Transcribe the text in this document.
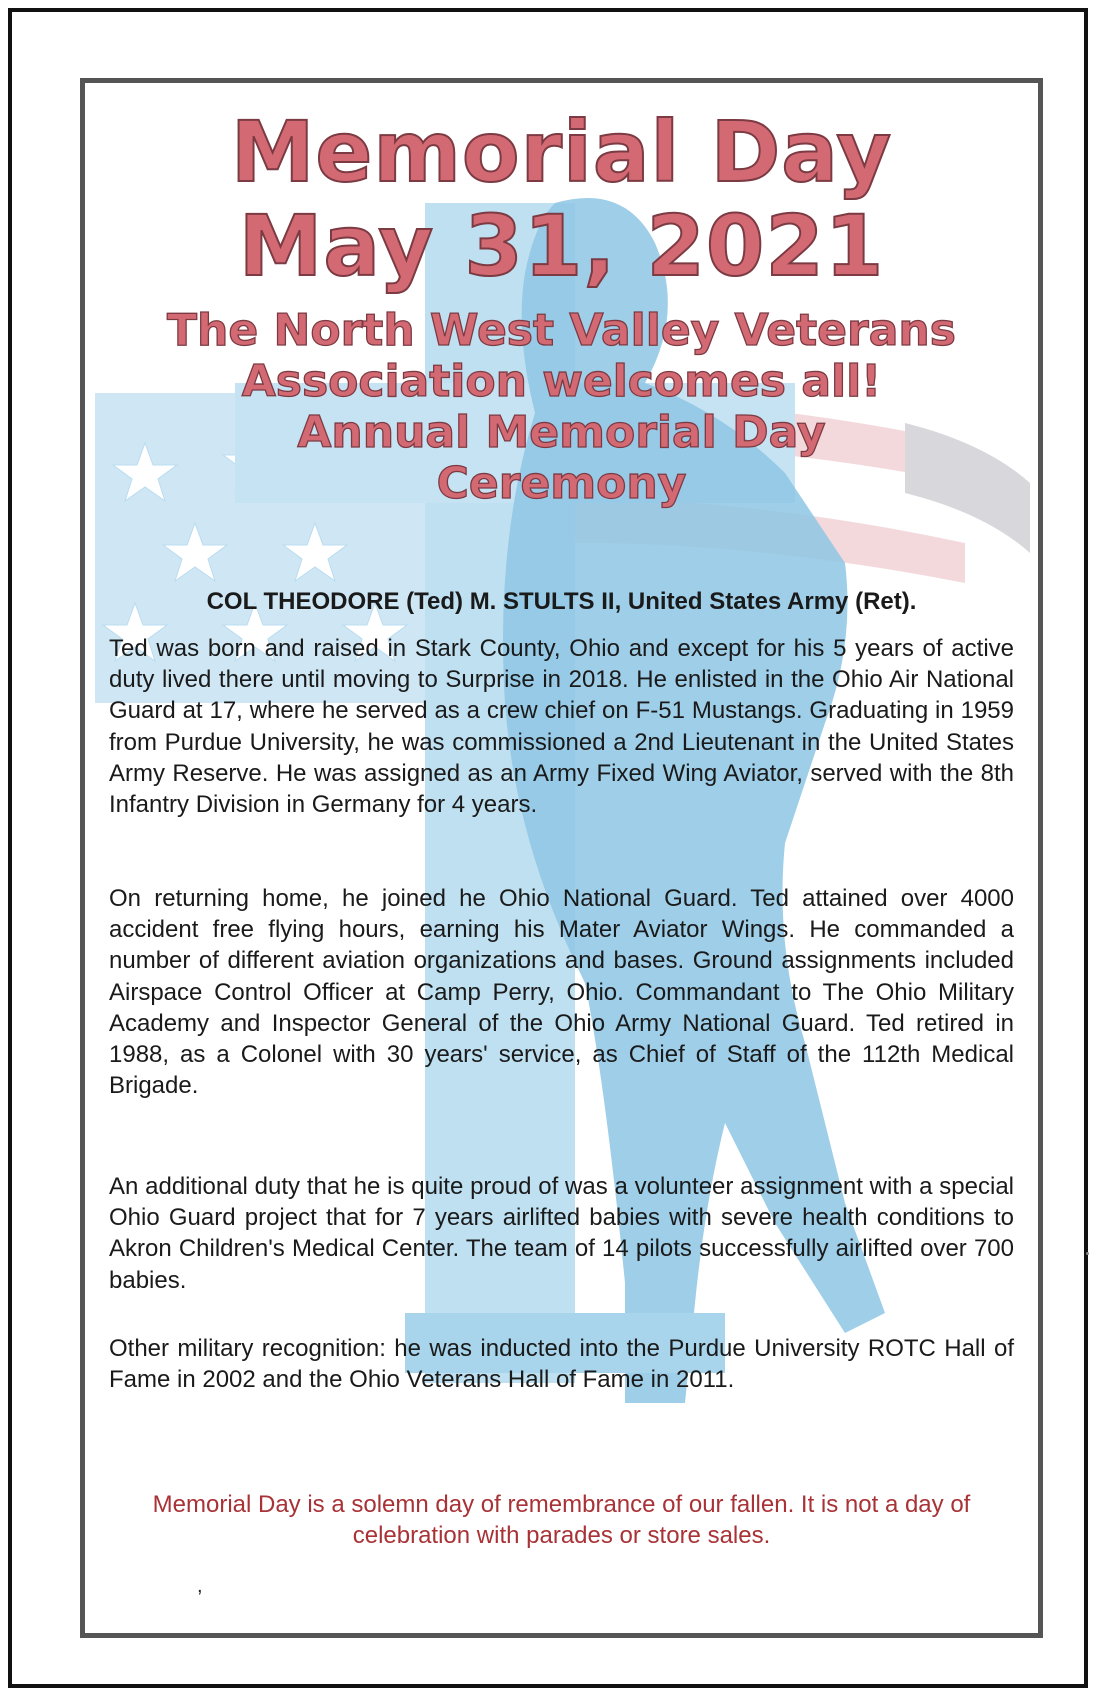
Memorial Day
May 31, 2021
The North West Valley Veterans
Association welcomes all!
Annual Memorial Day
Ceremony

COL THEODORE (Ted) M. STULTS II, United States Army (Ret).

Ted was born and raised in Stark County, Ohio and except for his 5 years of active duty lived there until moving to Surprise in 2018. He enlisted in the Ohio Air National Guard at 17, where he served as a crew chief on F-51 Mustangs. Graduating in 1959 from Purdue University, he was commissioned a 2nd Lieutenant in the United States Army Reserve. He was assigned as an Army Fixed Wing Aviator, served with the 8th Infantry Division in Germany for 4 years.

On returning home, he joined he Ohio National Guard. Ted attained over 4000 accident free flying hours, earning his Mater Aviator Wings. He commanded a number of different aviation organizations and bases. Ground assignments included Airspace Control Officer at Camp Perry, Ohio. Commandant to The Ohio Military Academy and Inspector General of the Ohio Army National Guard. Ted retired in 1988, as a Colonel with 30 years' service, as Chief of Staff of the 112th Medical Brigade.

An additional duty that he is quite proud of was a volunteer assignment with a special Ohio Guard project that for 7 years airlifted babies with severe health conditions to Akron Children's Medical Center. The team of 14 pilots successfully airlifted over 700 babies.

Other military recognition: he was inducted into the Purdue University ROTC Hall of Fame in 2002 and the Ohio Veterans Hall of Fame in 2011.

Memorial Day is a solemn day of remembrance of our fallen. It is not a day of celebration with parades or store sales.

,
